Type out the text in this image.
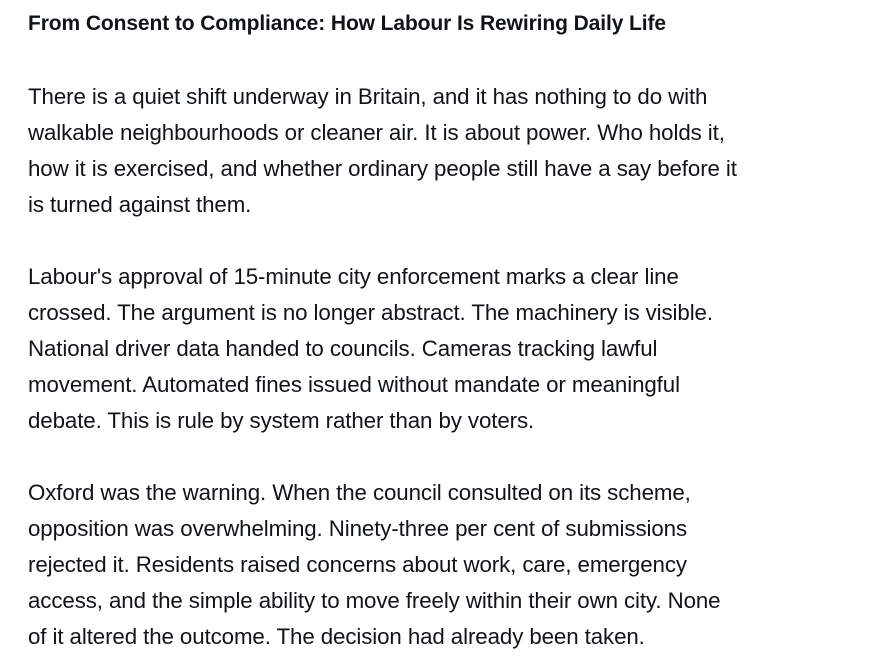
From Consent to Compliance: How Labour Is Rewiring Daily Life
There is a quiet shift underway in Britain, and it has nothing to do with
walkable neighbourhoods or cleaner air. It is about power. Who holds it,
how it is exercised, and whether ordinary people still have a say before it
is turned against them.
Labour's approval of 15-minute city enforcement marks a clear line
crossed. The argument is no longer abstract. The machinery is visible.
National driver data handed to councils. Cameras tracking lawful
movement. Automated fines issued without mandate or meaningful
debate. This is rule by system rather than by voters.
Oxford was the warning. When the council consulted on its scheme,
opposition was overwhelming. Ninety-three per cent of submissions
rejected it. Residents raised concerns about work, care, emergency
access, and the simple ability to move freely within their own city. None
of it altered the outcome. The decision had already been taken.
